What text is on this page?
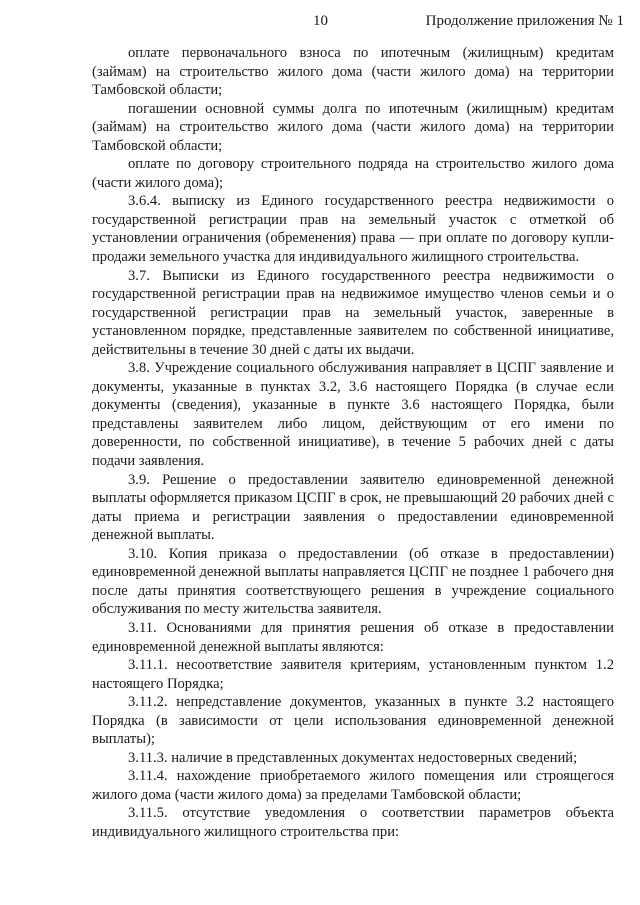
10	Продолжение приложения № 1

оплате первоначального взноса по ипотечным (жилищным) кредитам (займам) на строительство жилого дома (части жилого дома) на территории Тамбовской области;

погашении основной суммы долга по ипотечным (жилищным) кредитам (займам) на строительство жилого дома (части жилого дома) на территории Тамбовской области;

оплате по договору строительного подряда на строительство жилого дома (части жилого дома);

3.6.4. выписку из Единого государственного реестра недвижимости о государственной регистрации прав на земельный участок с отметкой об установлении ограничения (обременения) права — при оплате по договору купли-продажи земельного участка для индивидуального жилищного строительства.

3.7. Выписки из Единого государственного реестра недвижимости о государственной регистрации прав на недвижимое имущество членов семьи и о государственной регистрации прав на земельный участок, заверенные в установленном порядке, представленные заявителем по собственной инициативе, действительны в течение 30 дней с даты их выдачи.

3.8. Учреждение социального обслуживания направляет в ЦСПГ заявление и документы, указанные в пунктах 3.2, 3.6 настоящего Порядка (в случае если документы (сведения), указанные в пункте 3.6 настоящего Порядка, были представлены заявителем либо лицом, действующим от его имени по доверенности, по собственной инициативе), в течение 5 рабочих дней с даты подачи заявления.

3.9. Решение о предоставлении заявителю единовременной денежной выплаты оформляется приказом ЦСПГ в срок, не превышающий 20 рабочих дней с даты приема и регистрации заявления о предоставлении единовременной денежной выплаты.

3.10. Копия приказа о предоставлении (об отказе в предоставлении) единовременной денежной выплаты направляется ЦСПГ не позднее 1 рабочего дня после даты принятия соответствующего решения в учреждение социального обслуживания по месту жительства заявителя.

3.11. Основаниями для принятия решения об отказе в предоставлении единовременной денежной выплаты являются:

3.11.1. несоответствие заявителя критериям, установленным пунктом 1.2 настоящего Порядка;

3.11.2. непредставление документов, указанных в пункте 3.2 настоящего Порядка (в зависимости от цели использования единовременной денежной выплаты);

3.11.3. наличие в представленных документах недостоверных сведений;

3.11.4. нахождение приобретаемого жилого помещения или строящегося жилого дома (части жилого дома) за пределами Тамбовской области;

3.11.5. отсутствие уведомления о соответствии параметров объекта индивидуального жилищного строительства при:
